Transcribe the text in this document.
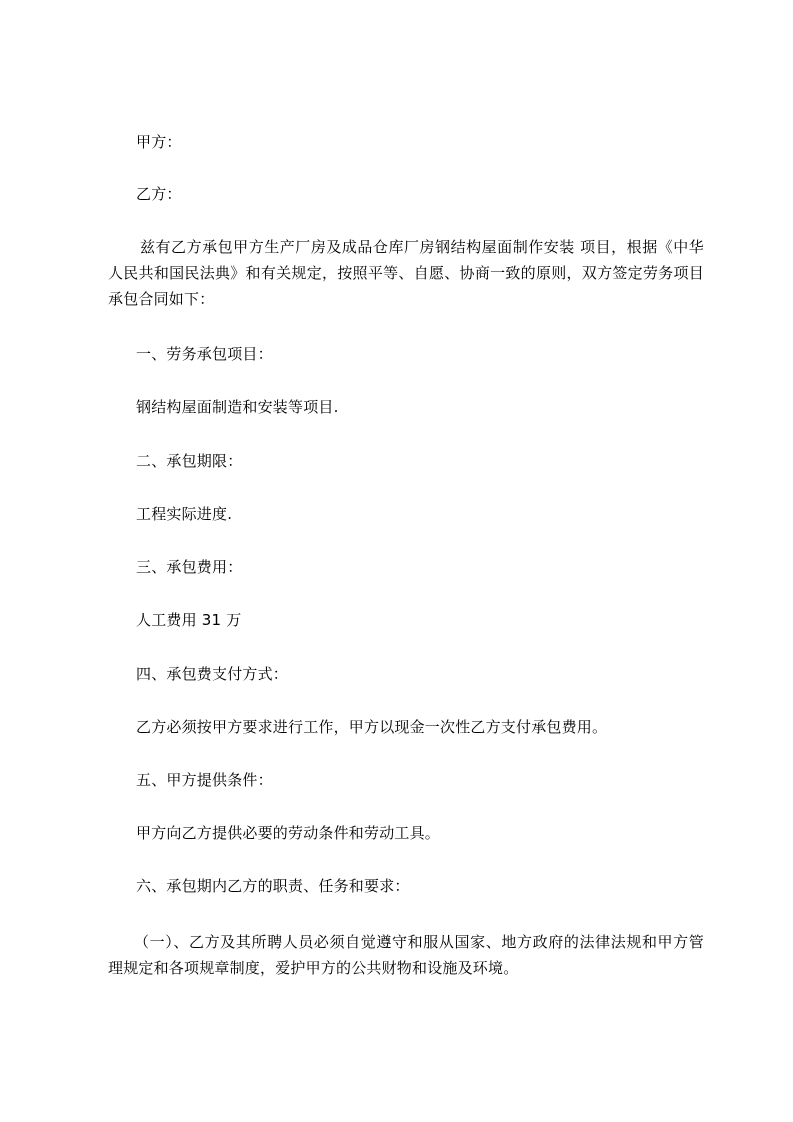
甲方：
乙方：
兹有乙方承包甲方生产厂房及成品仓库厂房钢结构屋面制作安装 项目，根据《中华人民共和国民法典》和有关规定，按照平等、自愿、协商一致的原则，双方签定劳务项目承包合同如下：
一、劳务承包项目：
钢结构屋面制造和安装等项目.
二、承包期限：
工程实际进度.
三、承包费用：
人工费用 31 万
四、承包费支付方式：
乙方必须按甲方要求进行工作，甲方以现金一次性乙方支付承包费用。
五、甲方提供条件：
甲方向乙方提供必要的劳动条件和劳动工具。
六、承包期内乙方的职责、任务和要求：
（一）、乙方及其所聘人员必须自觉遵守和服从国家、地方政府的法律法规和甲方管理规定和各项规章制度，爱护甲方的公共财物和设施及环境。
